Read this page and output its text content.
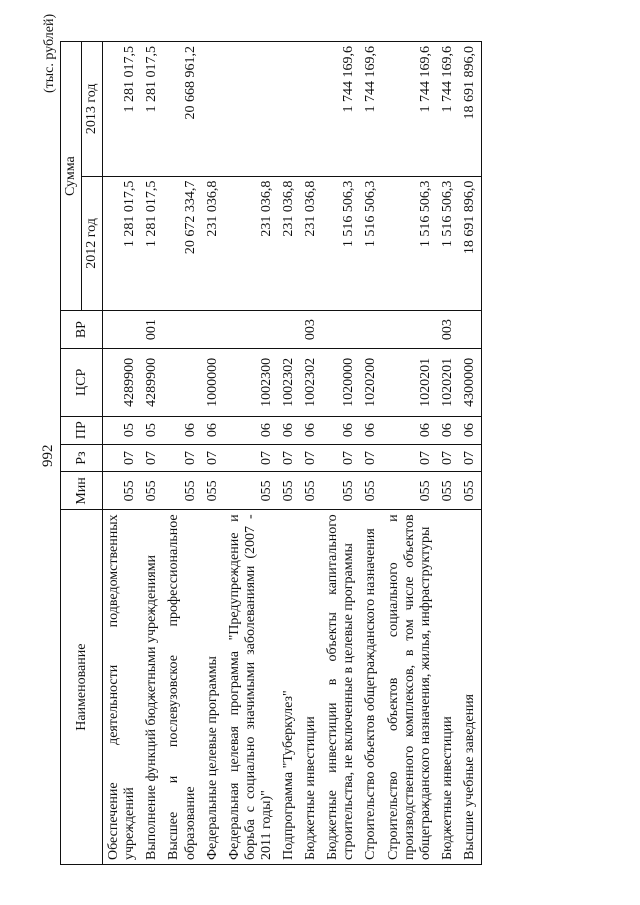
992
(тыс. рублей)
Наименование	Мин	Рз	ПР	ЦСР	ВР	Сумма	
						2012 год	2013 год
Обеспечение деятельности подведомственных учреждений	055	07	05	4289900		1 281 017,5	1 281 017,5
Выполнение функций бюджетными учреждениями	055	07	05	4289900	001	1 281 017,5	1 281 017,5
Высшее и послевузовское профессиональное образование	055	07	06			20 672 334,7	20 668 961,2
Федеральные целевые программы	055	07	06	1000000		231 036,8	
Федеральная целевая программа "Предупреждение и борьба с социально значимыми заболеваниями (2007 - 2011 годы)"	055	07	06	1002300		231 036,8	
Подпрограмма "Туберкулез"	055	07	06	1002302		231 036,8	
Бюджетные инвестиции	055	07	06	1002302	003	231 036,8	
Бюджетные инвестиции в объекты капитального строительства, не включенные в целевые программы	055	07	06	1020000		1 516 506,3	1 744 169,6
Строительство объектов общегражданского назначения	055	07	06	1020200		1 516 506,3	1 744 169,6
Строительство объектов социального и производственного комплексов, в том числе объектов общегражданского назначения, жилья, инфраструктуры	055	07	06	1020201		1 516 506,3	1 744 169,6
Бюджетные инвестиции	055	07	06	1020201	003	1 516 506,3	1 744 169,6
Высшие учебные заведения	055	07	06	4300000		18 691 896,0	18 691 896,0
